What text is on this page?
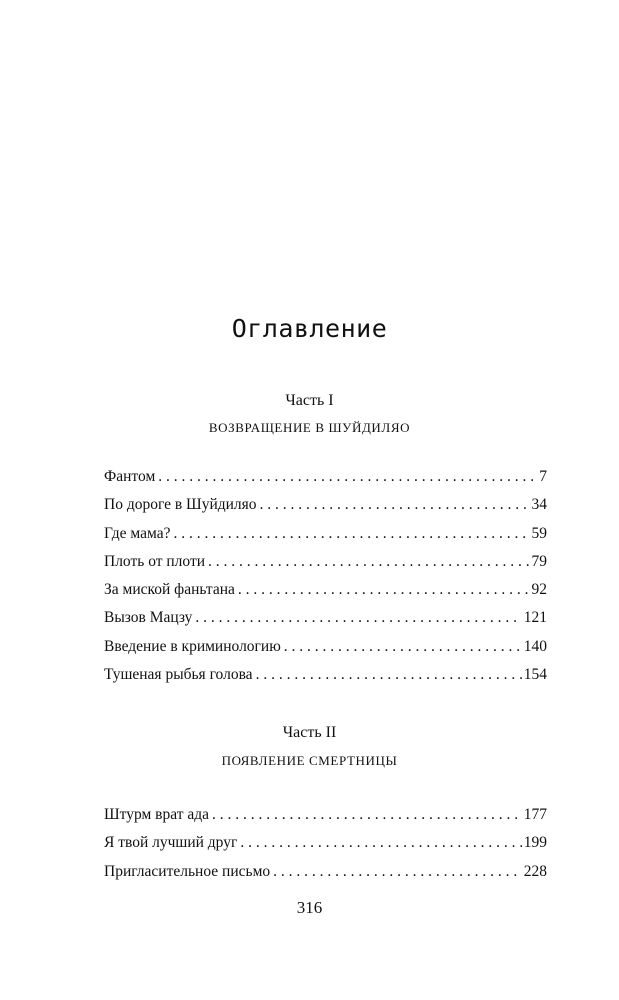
Оглавление
Часть I
ВОЗВРАЩЕНИЕ В ШУЙДИЛЯО
Фантом . . .	7
По дороге в Шуйдиляо . . .	34
Где мама? . . .	59
Плоть от плоти . . .	79
За миской фаньтана . . .	92
Вызов Мацзу . . .	121
Введение в криминологию . . .	140
Тушеная рыбья голова . . .	154
Часть II
ПОЯВЛЕНИЕ СМЕРТНИЦЫ
Штурм врат ада . . .	177
Я твой лучший друг . . .	199
Пригласительное письмо . . .	228
316
